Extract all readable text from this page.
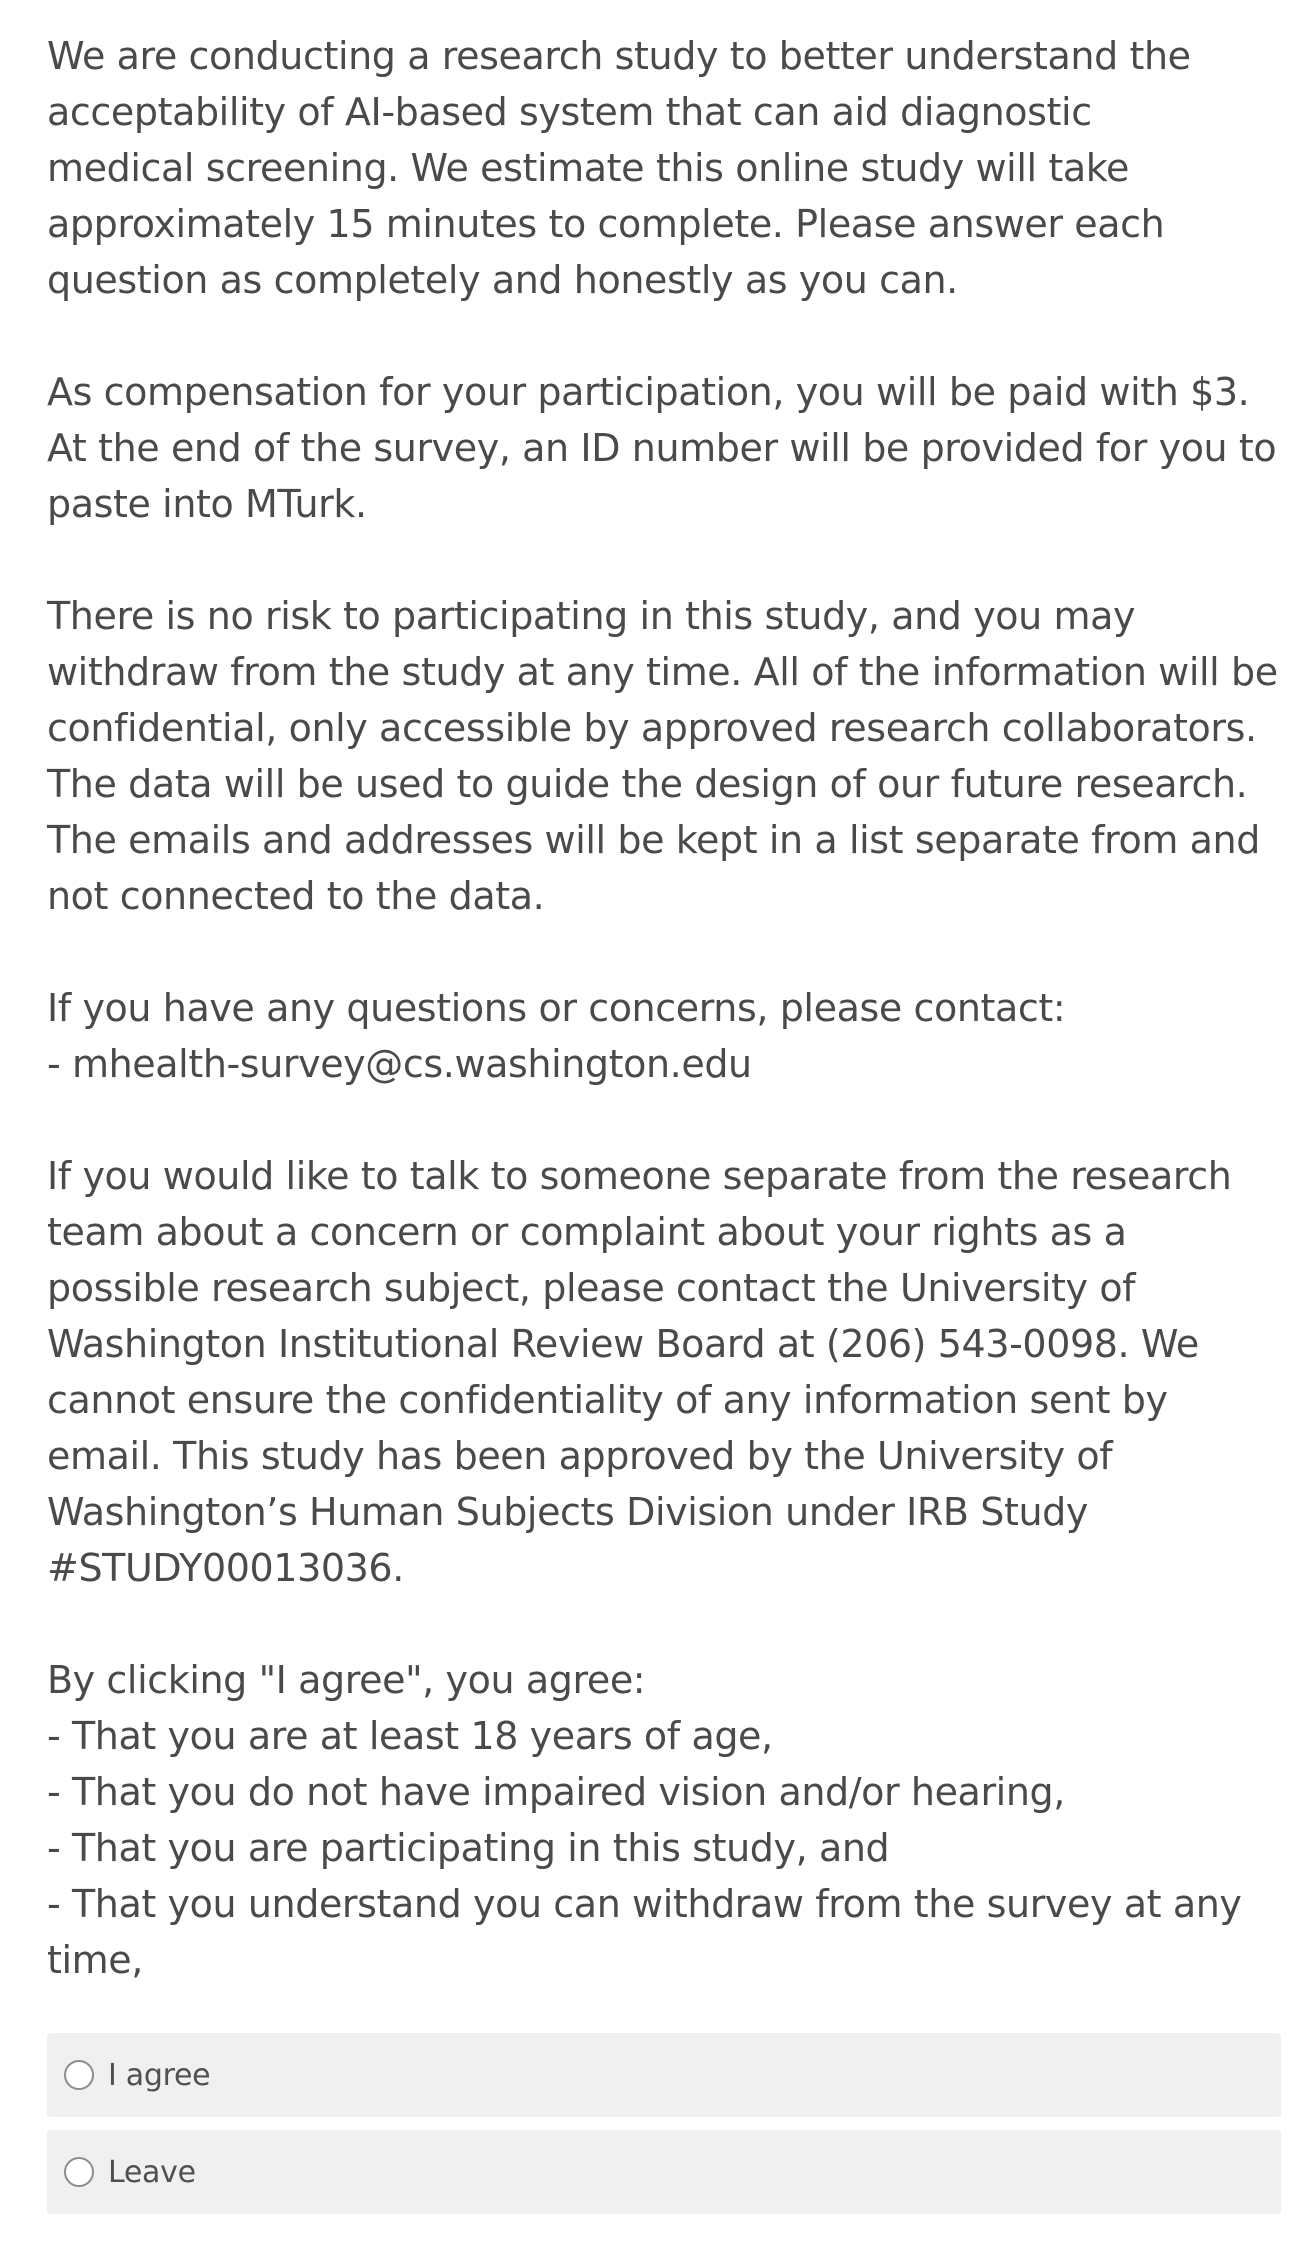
We are conducting a research study to better understand the
acceptability of AI-based system that can aid diagnostic
medical screening. We estimate this online study will take
approximately 15 minutes to complete. Please answer each
question as completely and honestly as you can.

As compensation for your participation, you will be paid with $3.
At the end of the survey, an ID number will be provided for you to
paste into MTurk.

There is no risk to participating in this study, and you may
withdraw from the study at any time. All of the information will be
confidential, only accessible by approved research collaborators.
The data will be used to guide the design of our future research.
The emails and addresses will be kept in a list separate from and
not connected to the data.

If you have any questions or concerns, please contact:
- mhealth-survey@cs.washington.edu

If you would like to talk to someone separate from the research
team about a concern or complaint about your rights as a
possible research subject, please contact the University of
Washington Institutional Review Board at (206) 543-0098. We
cannot ensure the confidentiality of any information sent by
email. This study has been approved by the University of
Washington’s Human Subjects Division under IRB Study
#STUDY00013036.

By clicking "I agree", you agree:
- That you are at least 18 years of age,
- That you do not have impaired vision and/or hearing,
- That you are participating in this study, and
- That you understand you can withdraw from the survey at any
time,

I agree
Leave
